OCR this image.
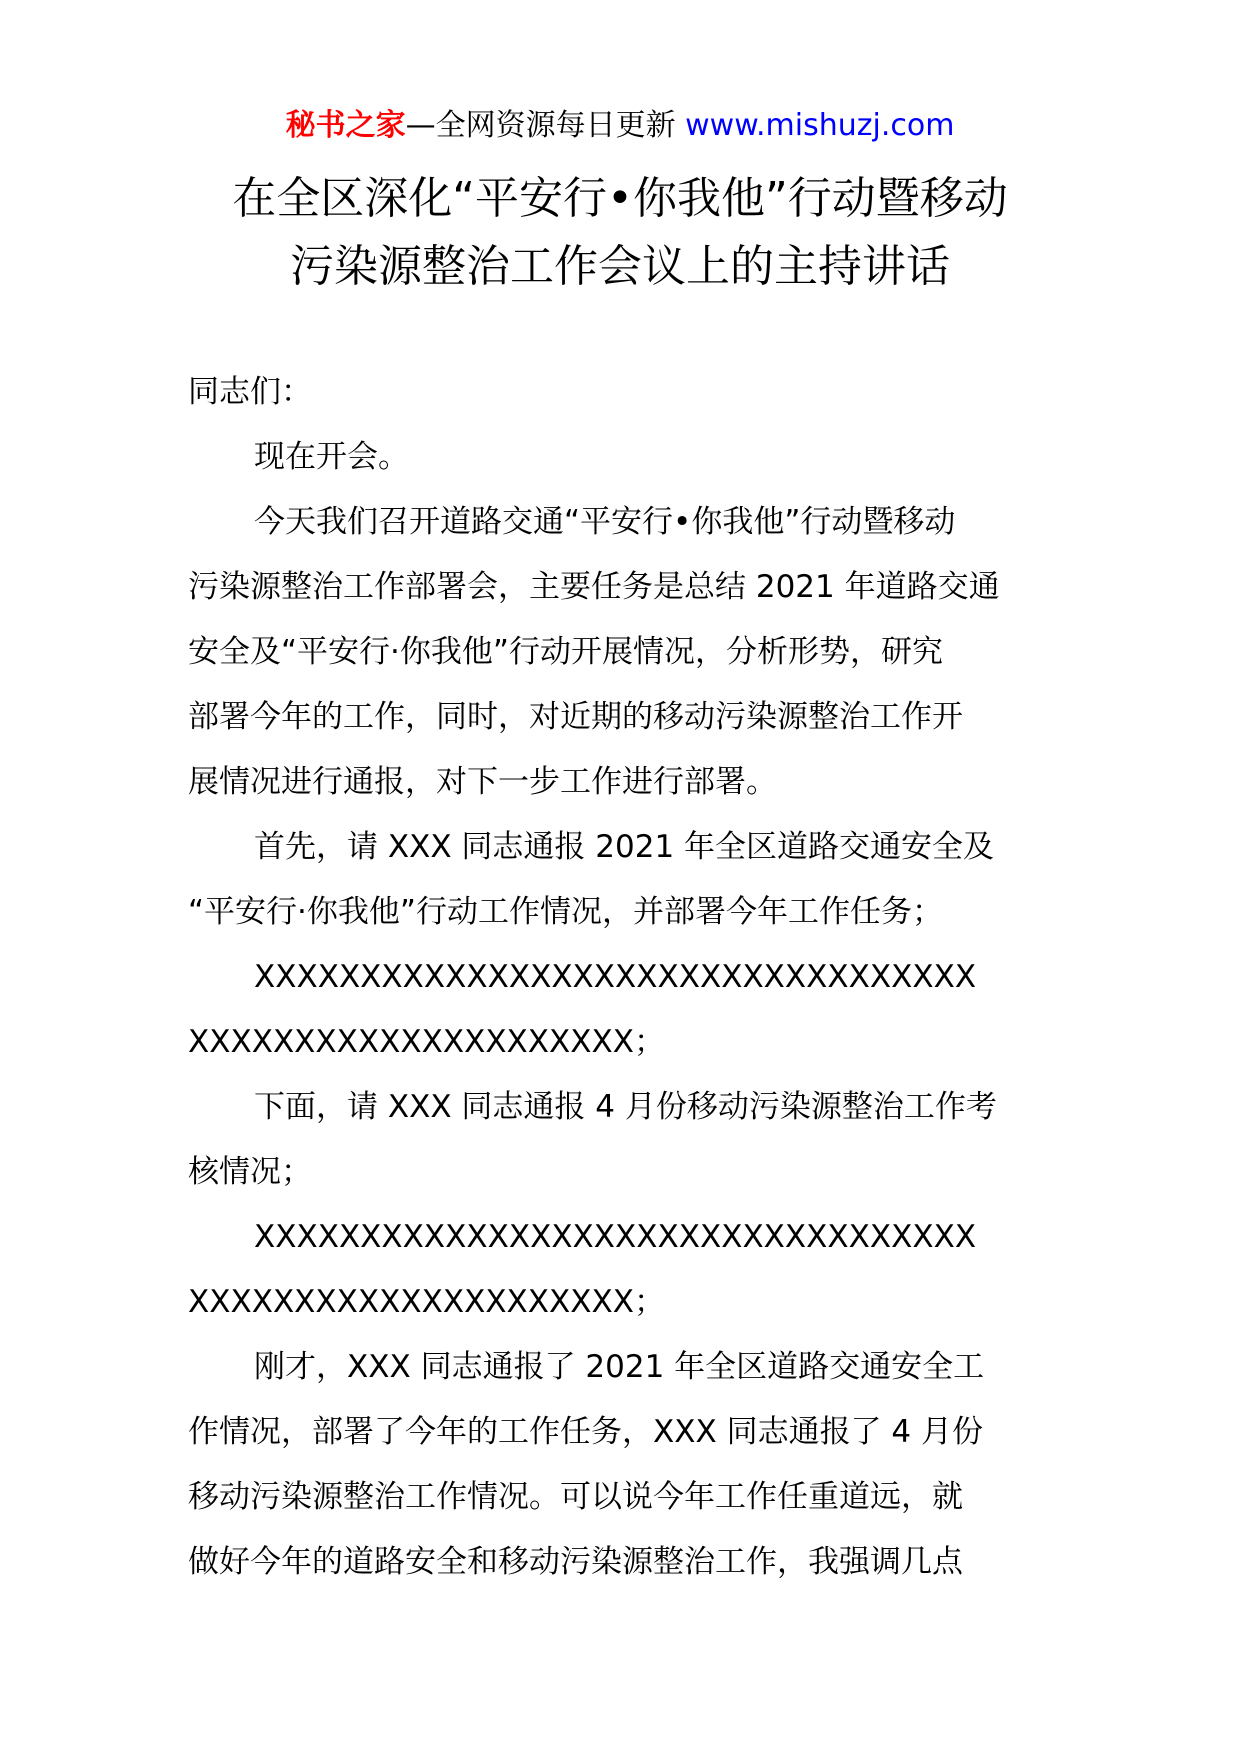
秘书之家—全网资源每日更新 www.mishuzj.com
在全区深化“平安行•你我他”行动暨移动
污染源整治工作会议上的主持讲话
同志们：
现在开会。
今天我们召开道路交通“平安行•你我他”行动暨移动
污染源整治工作部署会，主要任务是总结 2021 年道路交通
安全及“平安行·你我他”行动开展情况，分析形势，研究
部署今年的工作，同时，对近期的移动污染源整治工作开
展情况进行通报，对下一步工作进行部署。
首先，请 XXX 同志通报 2021 年全区道路交通安全及
“平安行·你我他”行动工作情况，并部署今年工作任务；
XXXXXXXXXXXXXXXXXXXXXXXXXXXXXXXXXX
XXXXXXXXXXXXXXXXXXXXX；
下面，请 XXX 同志通报 4 月份移动污染源整治工作考
核情况；
XXXXXXXXXXXXXXXXXXXXXXXXXXXXXXXXXX
XXXXXXXXXXXXXXXXXXXXX；
刚才，XXX 同志通报了 2021 年全区道路交通安全工
作情况，部署了今年的工作任务，XXX 同志通报了 4 月份
移动污染源整治工作情况。可以说今年工作任重道远，就
做好今年的道路安全和移动污染源整治工作，我强调几点
